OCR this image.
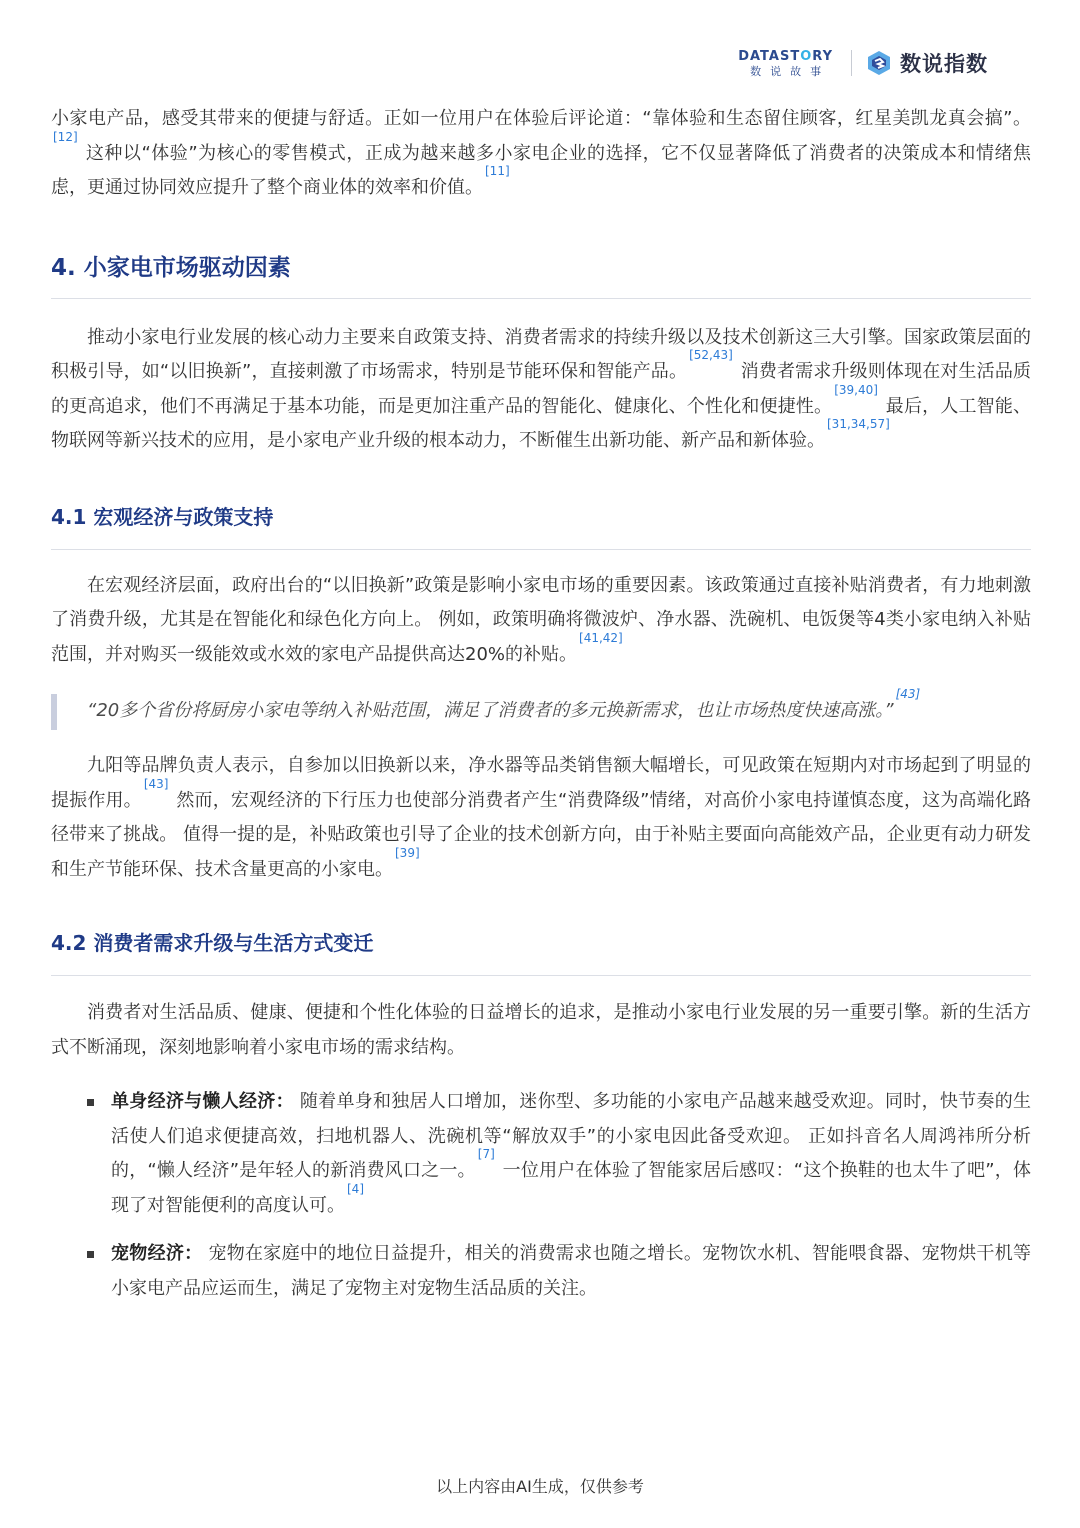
DATASTORY
数说故事	数说指数

小家电产品，感受其带来的便捷与舒适。正如一位用户在体验后评论道：“靠体验和生态留住顾客，红星美凯龙真会搞”。[12] 这种以“体验”为核心的零售模式，正成为越来越多小家电企业的选择，它不仅显著降低了消费者的决策成本和情绪焦虑，更通过协同效应提升了整个商业体的效率和价值。[11]

4. 小家电市场驱动因素

推动小家电行业发展的核心动力主要来自政策支持、消费者需求的持续升级以及技术创新这三大引擎。国家政策层面的积极引导，如“以旧换新”，直接刺激了市场需求，特别是节能环保和智能产品。[52,43] 消费者需求升级则体现在对生活品质的更高追求，他们不再满足于基本功能，而是更加注重产品的智能化、健康化、个性化和便捷性。[39,40] 最后，人工智能、物联网等新兴技术的应用，是小家电产业升级的根本动力，不断催生出新功能、新产品和新体验。[31,34,57]

4.1 宏观经济与政策支持

在宏观经济层面，政府出台的“以旧换新”政策是影响小家电市场的重要因素。该政策通过直接补贴消费者，有力地刺激了消费升级，尤其是在智能化和绿色化方向上。 例如，政策明确将微波炉、净水器、洗碗机、电饭煲等4类小家电纳入补贴范围，并对购买一级能效或水效的家电产品提供高达20%的补贴。[41,42]

“20多个省份将厨房小家电等纳入补贴范围，满足了消费者的多元换新需求，也让市场热度快速高涨。”[43]

九阳等品牌负责人表示，自参加以旧换新以来，净水器等品类销售额大幅增长，可见政策在短期内对市场起到了明显的提振作用。[43] 然而，宏观经济的下行压力也使部分消费者产生“消费降级”情绪，对高价小家电持谨慎态度，这为高端化路径带来了挑战。 值得一提的是，补贴政策也引导了企业的技术创新方向，由于补贴主要面向高能效产品，企业更有动力研发和生产节能环保、技术含量更高的小家电。[39]

4.2 消费者需求升级与生活方式变迁

消费者对生活品质、健康、便捷和个性化体验的日益增长的追求，是推动小家电行业发展的另一重要引擎。新的生活方式不断涌现，深刻地影响着小家电市场的需求结构。

单身经济与懒人经济： 随着单身和独居人口增加，迷你型、多功能的小家电产品越来越受欢迎。同时，快节奏的生活使人们追求便捷高效，扫地机器人、洗碗机等“解放双手”的小家电因此备受欢迎。 正如抖音名人周鸿祎所分析的，“懒人经济”是年轻人的新消费风口之一。[7] 一位用户在体验了智能家居后感叹：“这个换鞋的也太牛了吧”，体现了对智能便利的高度认可。[4]
宠物经济： 宠物在家庭中的地位日益提升，相关的消费需求也随之增长。宠物饮水机、智能喂食器、宠物烘干机等小家电产品应运而生，满足了宠物主对宠物生活品质的关注。
以上内容由AI生成，仅供参考
